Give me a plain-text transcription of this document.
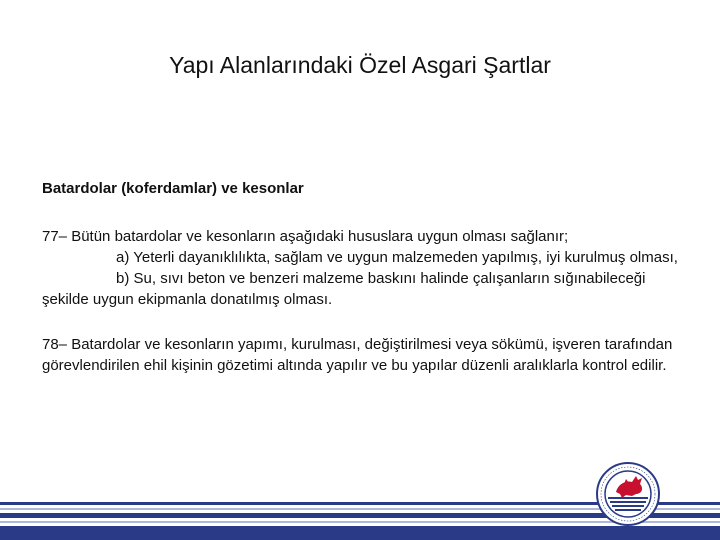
Yapı Alanlarındaki Özel Asgari Şartlar

Batardolar (koferdamlar) ve kesonlar

77– Bütün batardolar ve kesonların aşağıdaki hususlara uygun olması sağlanır;

a) Yeterli dayanıklılıkta, sağlam ve uygun malzemeden yapılmış, iyi kurulmuş olması,

b) Su, sıvı beton ve benzeri malzeme baskını halinde çalışanların sığınabileceği şekilde uygun ekipmanla donatılmış olması.

78– Batardolar ve kesonların yapımı, kurulması, değiştirilmesi veya sökümü, işveren tarafından görevlendirilen ehil kişinin gözetimi altında yapılır ve bu yapılar düzenli aralıklarla kontrol edilir.
